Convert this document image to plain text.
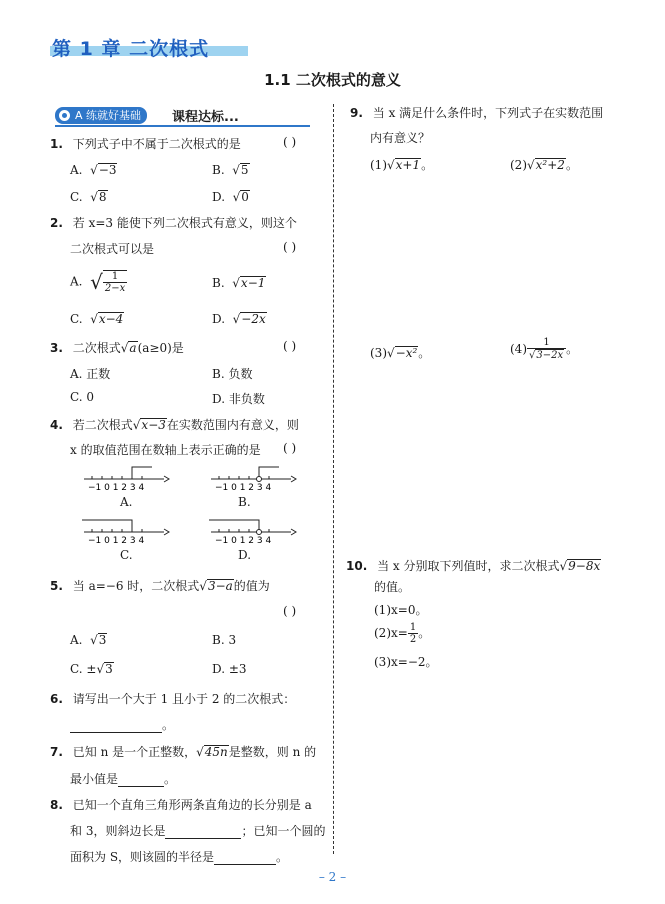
第 1 章 二次根式
1.1 二次根式的意义
A 练就好基础	课程达标...
1. 下列式子中不属于二次根式的是	( )
A.  √−3	B.  √5
C.  √8	D.  √0
2. 若 x=3 能使下列二次根式有意义，则这个
二次根式可以是	( )
A. √ $\frac{1}{2-x}$	B.  √x−1
C.  √x−4	D.  √−2x
3. 二次根式√a(a≥0)是	( )
A. 正数	B. 负数
C. 0	D. 非负数
4. 若二次根式√x−3在实数范围内有意义，则
x 的取值范围在数轴上表示正确的是 ( )
−1 0 1 2 3 4
A.
−1 0 1 2 3 4
B.
−1 0 1 2 3 4
C.
−1 0 1 2 3 4
D.
5. 当 a=−6 时，二次根式√3−a的值为
( )
A.  √3	B. 3
C. ±√3	D. ±3
6. 请写出一个大于 1 且小于 2 的二次根式：
。
7. 已知 n 是一个正整数，√45n是整数，则 n 的
最小值是	。
8. 已知一个直角三角形两条直角边的长分别是 a
和 3，则斜边长是	；已知一个圆的
面积为 S，则该圆的半径是	。
9. 当 x 满足什么条件时，下列式子在实数范围
内有意义？
(1)√x+1。	(2)√x²+2。
(3)√−x²。	$(4) \frac{1}{√3-2x}$ 。
10. 当 x 分别取下列值时，求二次根式√9−8x
的值。
(1)x=0。
$(2)x= \frac{1}{2}$ 。
(3)x=−2。
– 2 –
